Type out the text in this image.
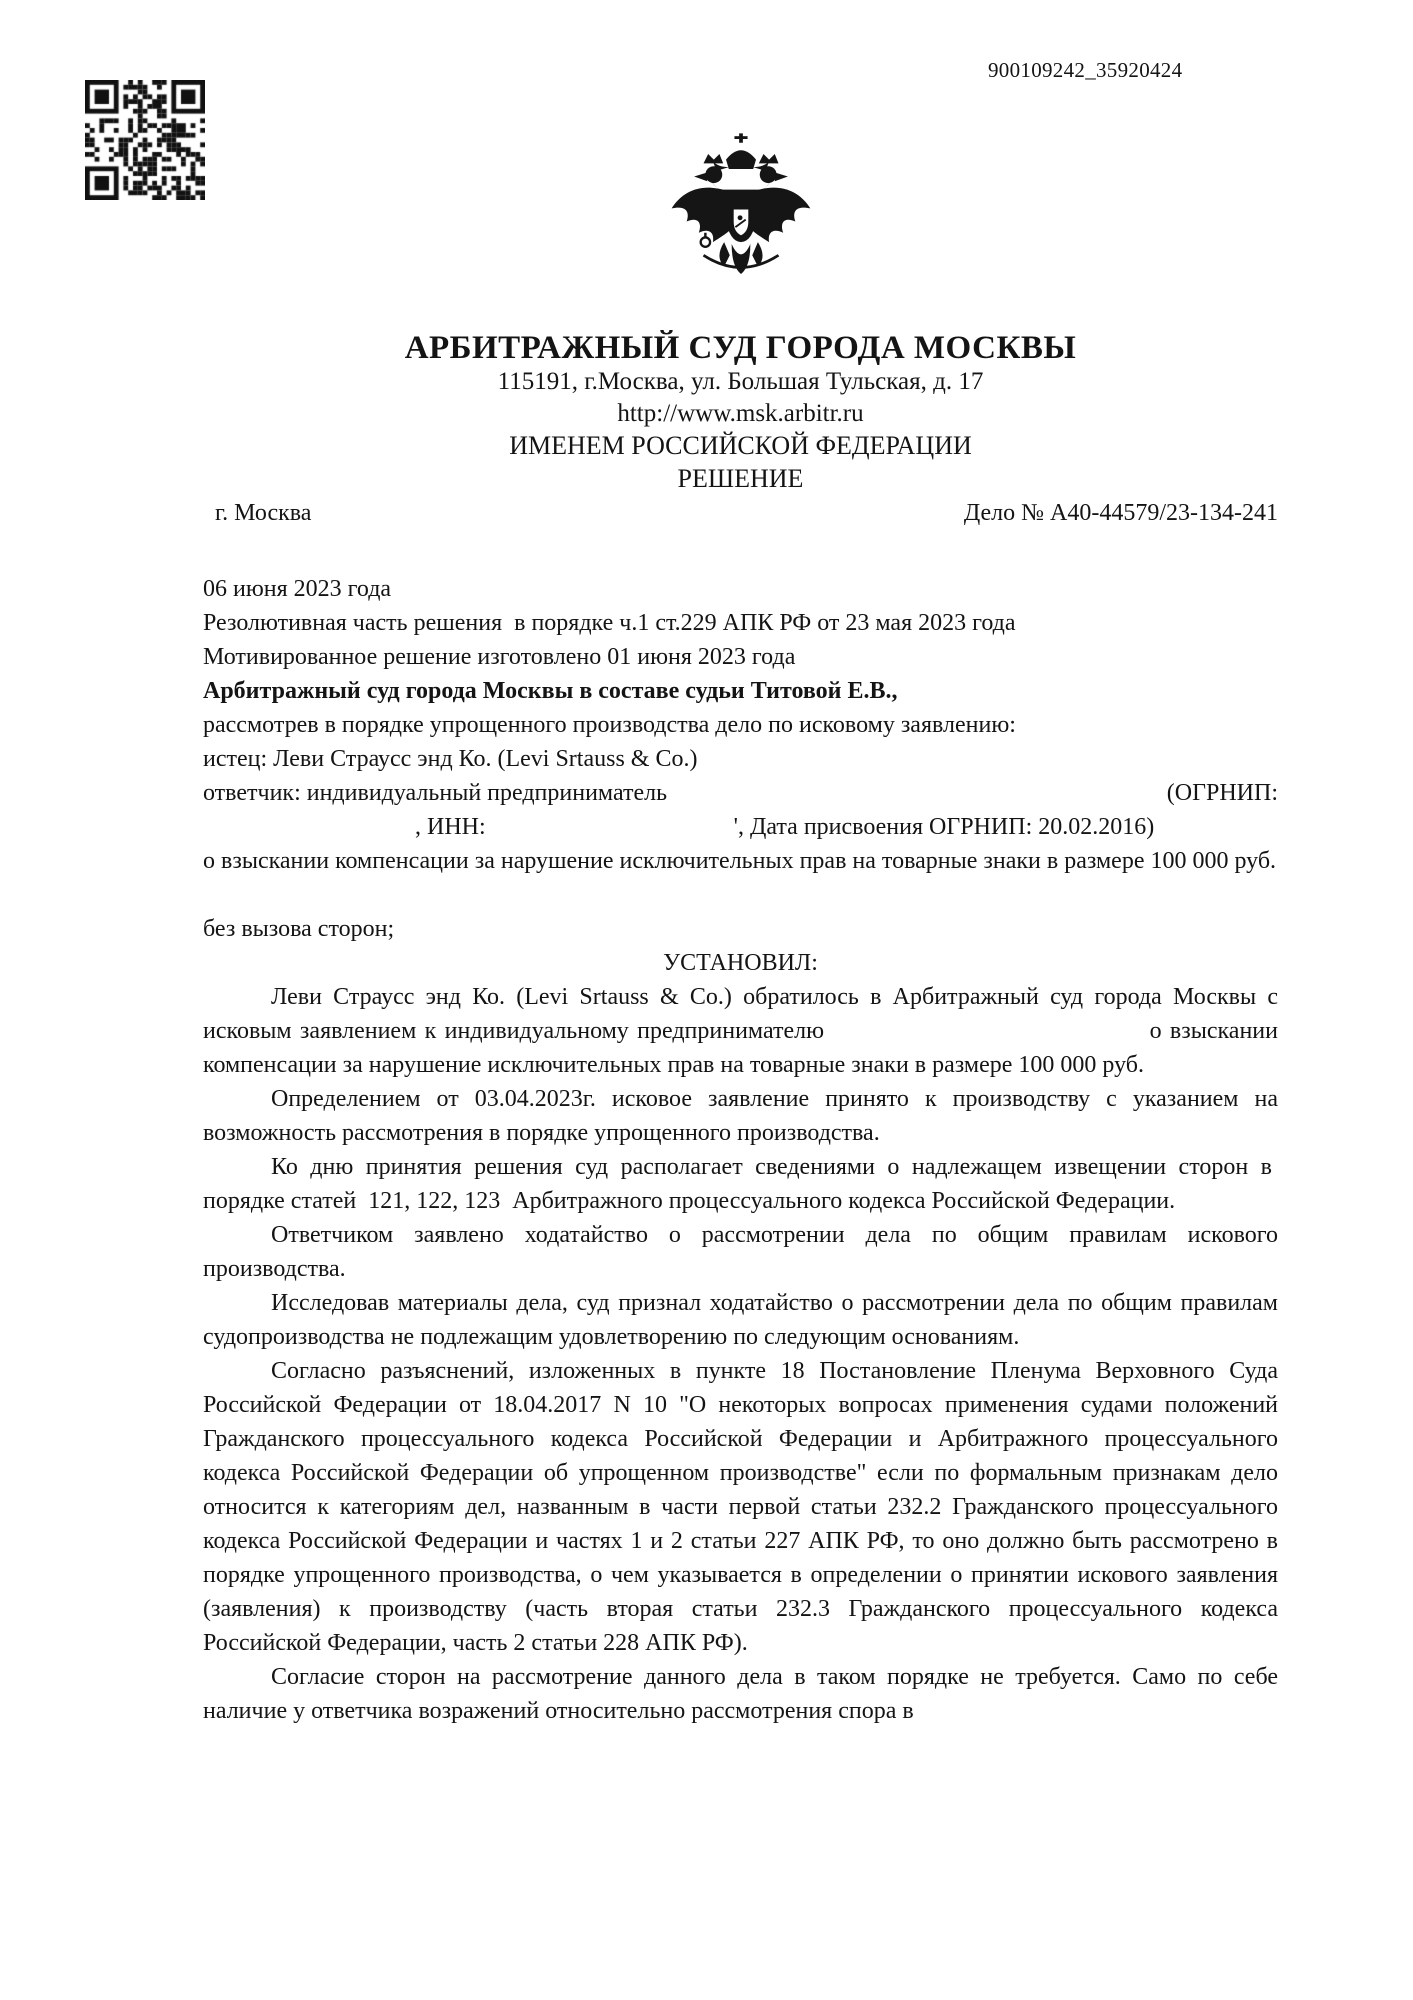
900109242_35920424
АРБИТРАЖНЫЙ СУД ГОРОДА МОСКВЫ
115191, г.Москва, ул. Большая Тульская, д. 17
http://www.msk.arbitr.ru
ИМЕНЕМ РОССИЙСКОЙ ФЕДЕРАЦИИ
РЕШЕНИЕ
г. Москва	Дело № А40-44579/23-134-241
06 июня 2023 года
Резолютивная часть решения  в порядке ч.1 ст.229 АПК РФ от 23 мая 2023 года
Мотивированное решение изготовлено 01 июня 2023 года
Арбитражный суд города Москвы в составе судьи Титовой Е.В.,
рассмотрев в порядке упрощенного производства дело по исковому заявлению:
истец: Леви Страусс энд Ко. (Levi Srtauss & Co.)
ответчик: индивидуальный предприниматель	(ОГРНИП:
, ИНН:	', Дата присвоения ОГРНИП: 20.02.2016)

о взыскании компенсации за нарушение исключительных прав на товарные знаки в размере 100 000 руб.

без вызова сторон;
УСТАНОВИЛ:

Леви Страусс энд Ко. (Levi Srtauss & Co.) обратилось в Арбитражный суд города Москвы с исковым заявлением к индивидуальному предпринимателю                                       о взыскании компенсации за нарушение исключительных прав на товарные знаки в размере 100 000 руб.

Определением от 03.04.2023г. исковое заявление принято к производству с указанием на возможность рассмотрения в порядке упрощенного производства.

Ко дню принятия решения суд располагает сведениями о надлежащем извещении сторон в  порядке статей  121, 122, 123  Арбитражного процессуального кодекса Российской Федерации.

Ответчиком заявлено ходатайство о рассмотрении дела по общим правилам искового производства.

Исследовав материалы дела, суд признал ходатайство о рассмотрении дела по общим правилам судопроизводства не подлежащим удовлетворению по следующим основаниям.

Согласно разъяснений, изложенных в пункте 18 Постановление Пленума Верховного Суда Российской Федерации от 18.04.2017 N 10 "О некоторых вопросах применения судами положений Гражданского процессуального кодекса Российской Федерации и Арбитражного процессуального кодекса Российской Федерации об упрощенном производстве" если по формальным признакам дело относится к категориям дел, названным в части первой статьи 232.2 Гражданского процессуального кодекса Российской Федерации и частях 1 и 2 статьи 227 АПК РФ, то оно должно быть рассмотрено в порядке упрощенного производства, о чем указывается в определении о принятии искового заявления (заявления) к производству (часть вторая статьи 232.3 Гражданского процессуального кодекса Российской Федерации, часть 2 статьи 228 АПК РФ).

Согласие сторон на рассмотрение данного дела в таком порядке не требуется. Само по себе наличие у ответчика возражений относительно рассмотрения спора в
